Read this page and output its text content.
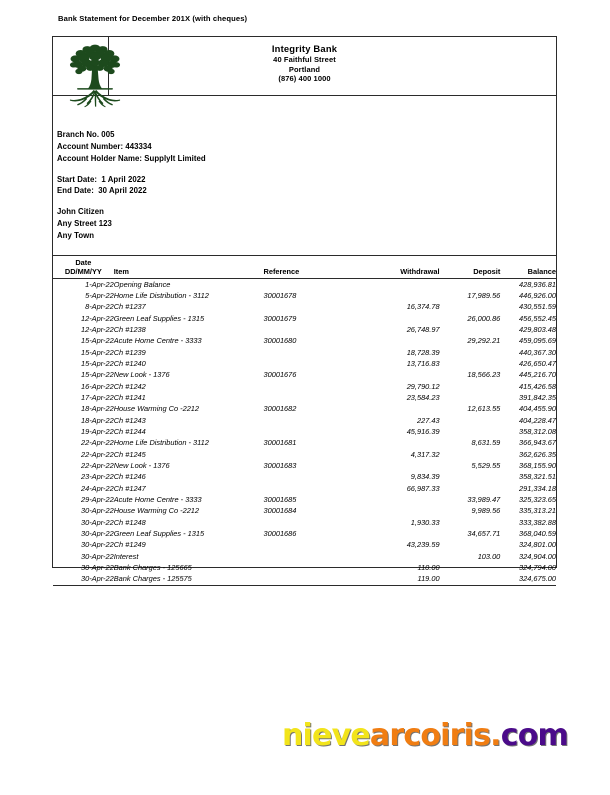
Bank Statement for December 201X (with cheques)
Integrity Bank
40 Faithful Street
Portland
(876) 400 1000
Branch No. 005
Account Number: 443334
Account Holder Name: SupplyIt Limited
Start Date:  1 April 2022
End Date:  30 April 2022
John Citizen
Any Street 123
Any Town
Date
DD/MM/YY	Item	Reference	Withdrawal	Deposit	Balance
1-Apr-22	Opening Balance				428,936.81
5-Apr-22	Home Life Distribution - 3112	30001678		17,989.56	446,926.00
8-Apr-22	Ch #1237		16,374.78		430,551.59
12-Apr-22	Green Leaf Supplies - 1315	30001679		26,000.86	456,552.45
12-Apr-22	Ch #1238		26,748.97		429,803.48
15-Apr-22	Acute Home Centre - 3333	30001680		29,292.21	459,095.69
15-Apr-22	Ch #1239		18,728.39		440,367.30
15-Apr-22	Ch #1240		13,716.83		426,650.47
15-Apr-22	New Look - 1376	30001676		18,566.23	445,216.70
16-Apr-22	Ch #1242		29,790.12		415,426.58
17-Apr-22	Ch #1241		23,584.23		391,842.35
18-Apr-22	House Warming Co -2212	30001682		12,613.55	404,455.90
18-Apr-22	Ch #1243		227.43		404,228.47
19-Apr-22	Ch #1244		45,916.39		358,312.08
22-Apr-22	Home Life Distribution - 3112	30001681		8,631.59	366,943.67
22-Apr-22	Ch #1245		4,317.32		362,626.35
22-Apr-22	New Look - 1376	30001683		5,529.55	368,155.90
23-Apr-22	Ch #1246		9,834.39		358,321.51
24-Apr-22	Ch #1247		66,987.33		291,334.18
29-Apr-22	Acute Home Centre - 3333	30001685		33,989.47	325,323.65
30-Apr-22	House Warming Co -2212	30001684		9,989.56	335,313.21
30-Apr-22	Ch #1248		1,930.33		333,382.88
30-Apr-22	Green Leaf Supplies - 1315	30001686		34,657.71	368,040.59
30-Apr-22	Ch #1249		43,239.59		324,801.00
30-Apr-22	Interest			103.00	324,904.00
30-Apr-22	Bank Charges - 125665		110.00		324,794.00
30-Apr-22	Bank Charges - 125575		119.00		324,675.00
nievearcoiris.com
